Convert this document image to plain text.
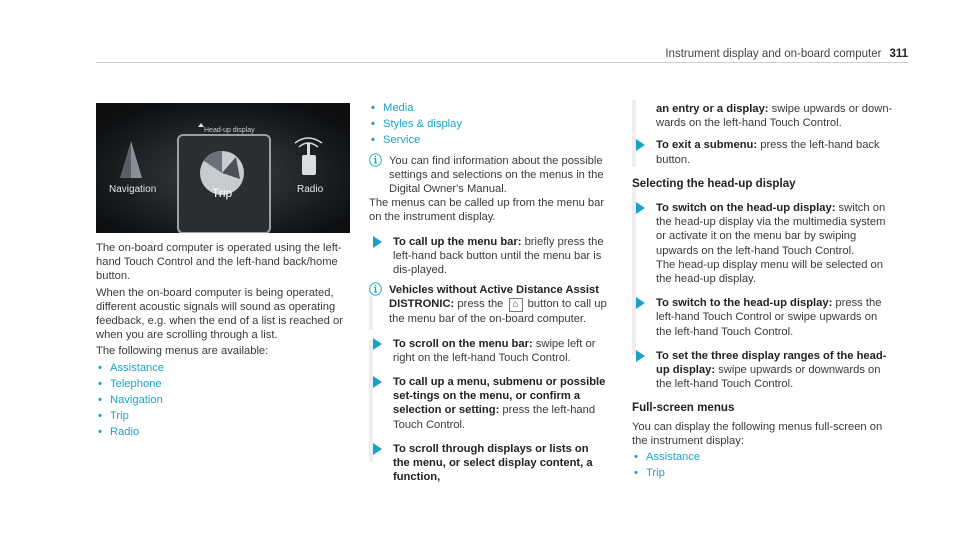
Instrument display and on-board computer 311
Head-up display
Navigation	Trip	Radio

The on-board computer is operated using the left-hand Touch Control and the left-hand back/home button.

When the on-board computer is being operated, different acoustic signals will sound as operating feedback, e.g. when the end of a list is reached or when you are scrolling through a list.

The following menus are available:

• Assistance
• Telephone
• Navigation
• Trip
• Radio
• Media
• Styles & display
• Service
ⓘ You can find information about the possible settings and selections on the menus in the Digital Owner's Manual.

The menus can be called up from the menu bar on the instrument display.

To call up the menu bar: briefly press the left-hand back button until the menu bar is dis-played.
ⓘ Vehicles without Active Distance Assist DISTRONIC: press the ⌂ button to call up the menu bar of the on-board computer.
To scroll on the menu bar: swipe left or right on the left-hand Touch Control.
To call up a menu, submenu or possible set-tings on the menu, or confirm a selection or setting: press the left-hand Touch Control.
To scroll through displays or lists on the menu, or select display content, a function,
an entry or a display: swipe upwards or down-wards on the left-hand Touch Control.
To exit a submenu: press the left-hand back button.
Selecting the head-up display
To switch on the head-up display: switch on the head-up display via the multimedia system or activate it on the menu bar by swiping upwards on the left-hand Touch Control.
The head-up display menu will be selected on the head-up display.
To switch to the head-up display: press the left-hand Touch Control or swipe upwards on the left-hand Touch Control.
To set the three display ranges of the head-up display: swipe upwards or downwards on the left-hand Touch Control.
Full-screen menus

You can display the following menus full-screen on the instrument display:

• Assistance
• Trip
